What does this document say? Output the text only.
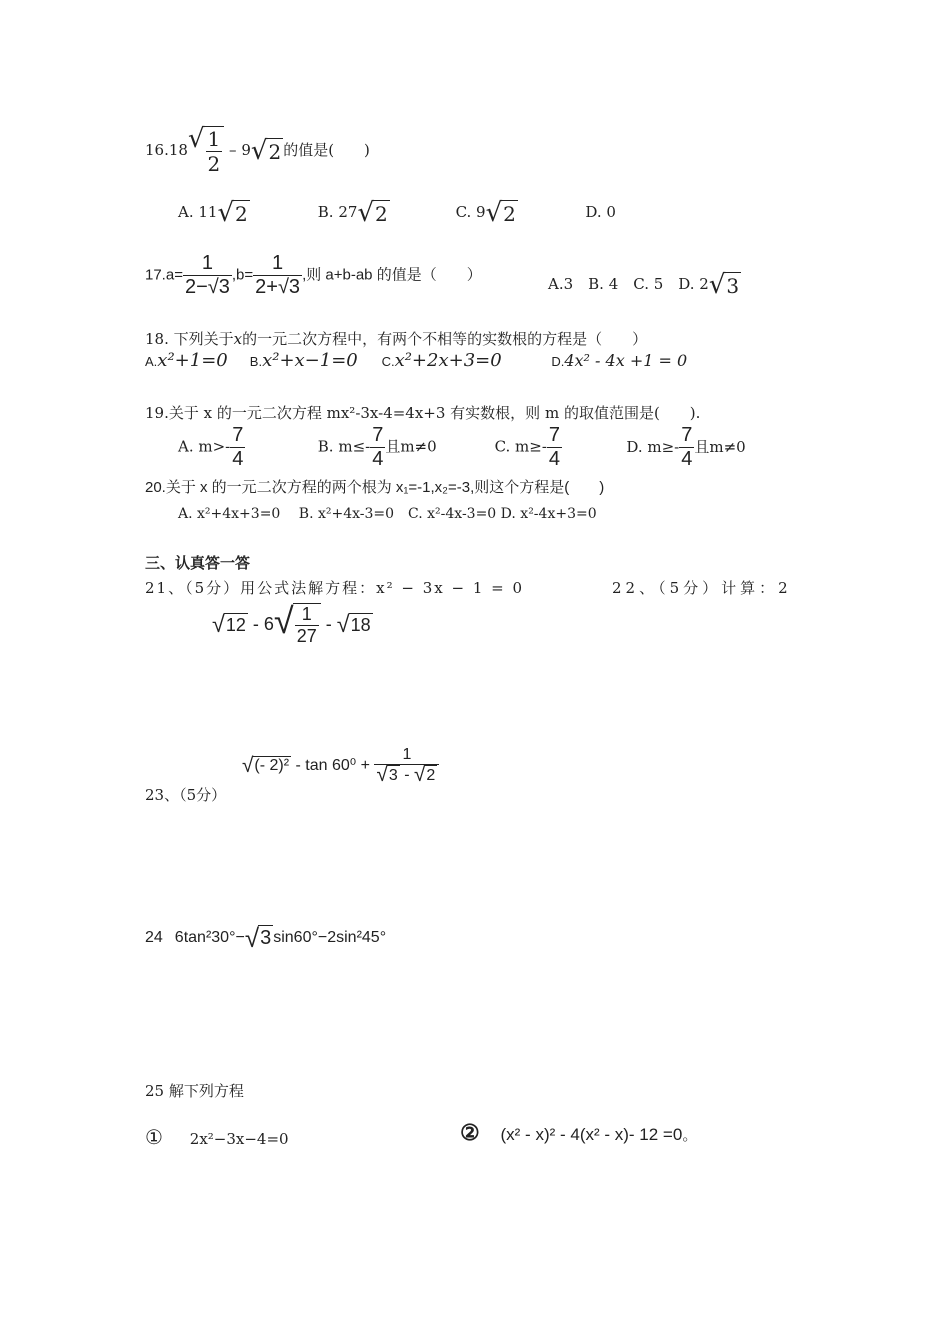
16.18 √ $\frac{1}{2} - 9$ √ 2 的值是(　　)
A. 11 √ 2	B. 27 √ 2	C. 9 √ 2	D. 0
$17.a= \frac{1}{2-√3} ,b= \frac{1}{2+√3}$ ,则 a+b-ab 的值是（　　）
A.3　B. 4　C. 5　D. 2 √ 3
18. 下列关于x的一元二次方程中，有两个不相等的实数根的方程是（　　）
A.x²+1=0 B.x²+x−1=0 C.x²+2x+3=0	D.4x² - 4x +1 = 0
19.关于 x 的一元二次方程 mx²-3x-4=4x+3 有实数根，则 m 的取值范围是(　　).
A. $m>- \frac{7}{4}$	B. $m\le- \frac{7}{4}$ 且m≠0	C. $m\ge- \frac{7}{4}$	D. $m\ge- \frac{7}{4}$ 且m≠0
20.关于 x 的一元二次方程的两个根为 x₁=-1,x₂=-3,则这个方程是(　　)
A. x²+4x+3=0　 B. x²+4x-3=0　C. x²-4x-3=0 D. x²-4x+3=0
三、认真答一答
21、（5分）用公式法解方程：x² − 3x − 1 = 0	22、（5分）计算：2
√ 12 - 6 √ $\frac{1}{27}$ - √ 18
√ (- $2)^2 - \tan 60^0 + \frac{1}{√ 3 - √ 2}$
23、（5分）
24 6tan²30°− √ 3 sin60°−2sin²45°
25 解下列方程
① 2x²−3x−4=0	② (x² - x)² - 4(x² - x)- 12 =0。
